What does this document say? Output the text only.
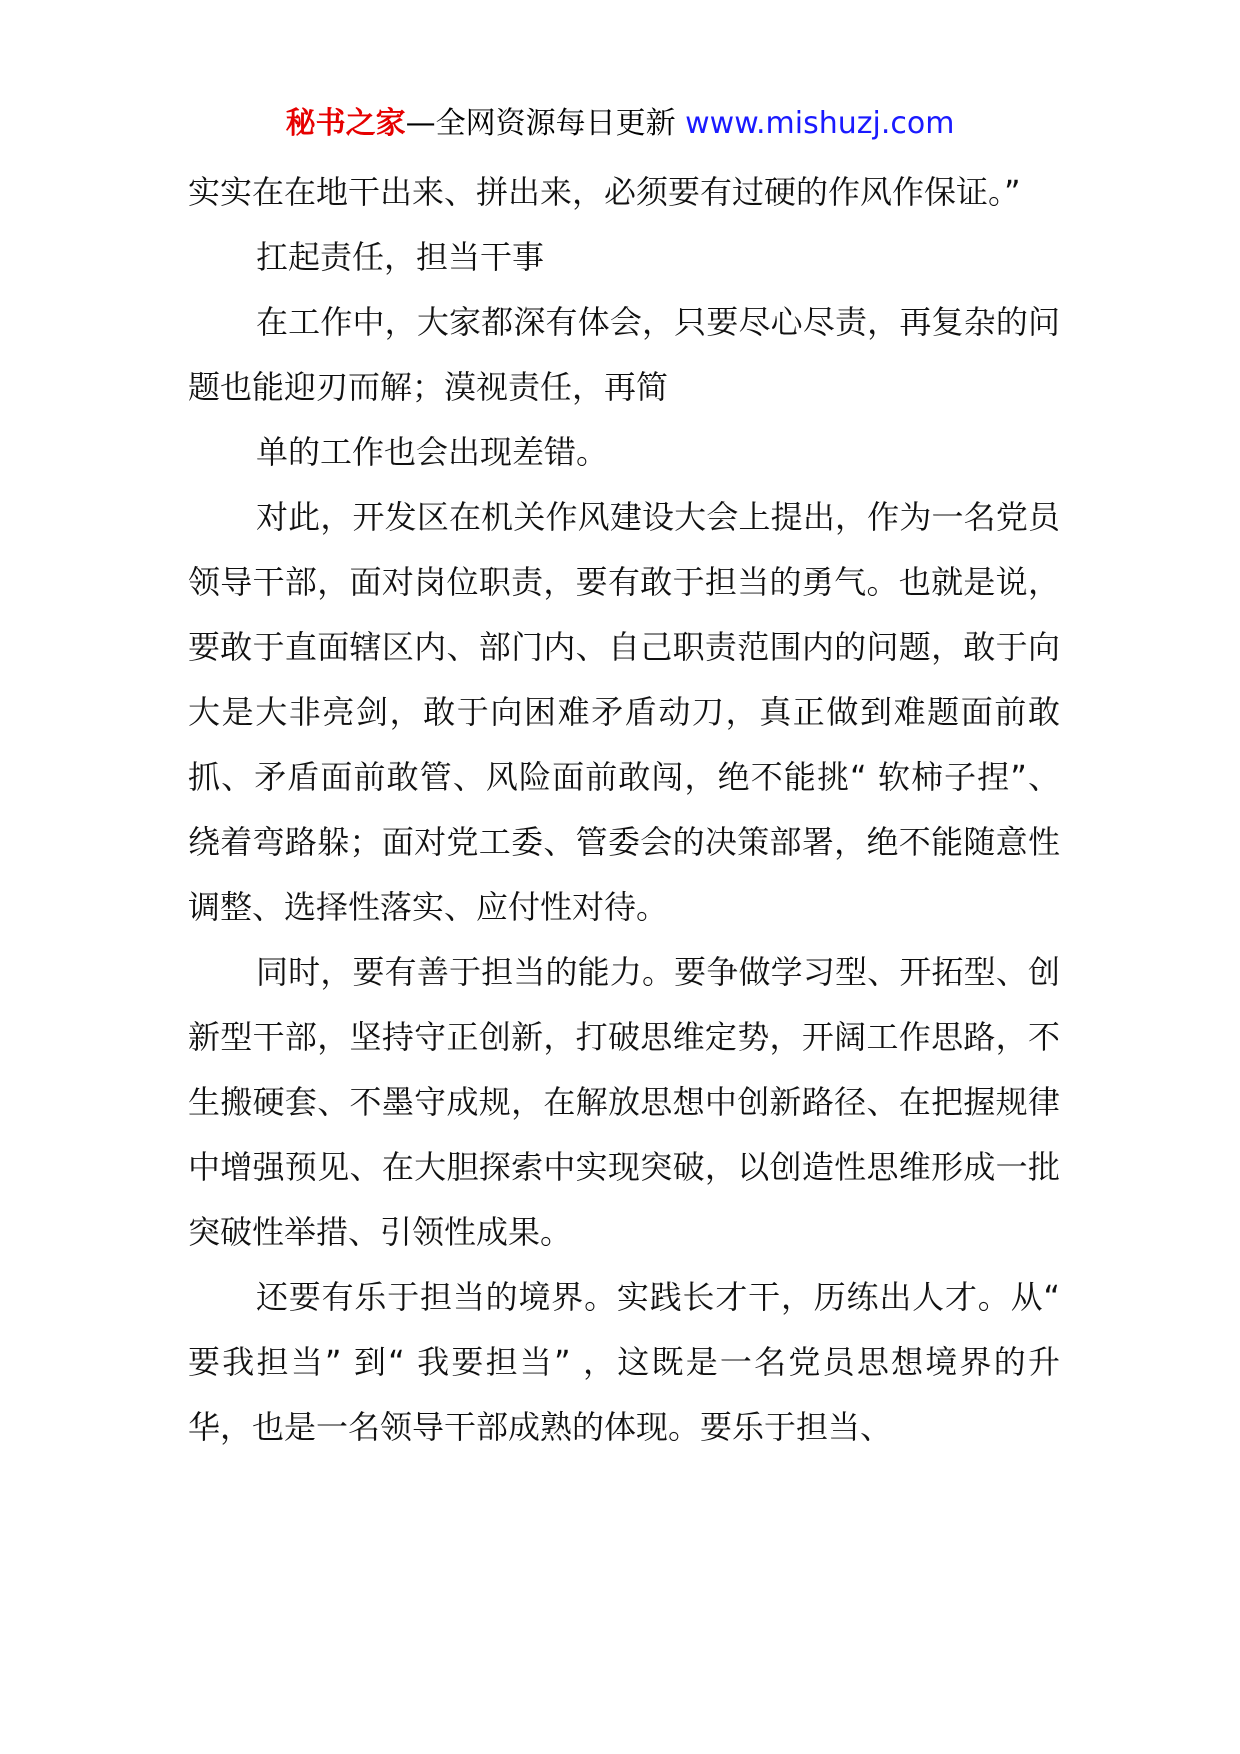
秘书之家—全网资源每日更新 www.mishuzj.com

实实在在地干出来、拼出来，必须要有过硬的作风作保证。”

扛起责任，担当干事

在工作中，大家都深有体会，只要尽心尽责，再复杂的问题也能迎刃而解；漠视责任，再简

单的工作也会出现差错。

对此，开发区在机关作风建设大会上提出，作为一名党员领导干部，面对岗位职责，要有敢于担当的勇气。也就是说，要敢于直面辖区内、部门内、自己职责范围内的问题，敢于向大是大非亮剑，敢于向困难矛盾动刀，真正做到难题面前敢抓、矛盾面前敢管、风险面前敢闯，绝不能挑“ 软柿子捏”、绕着弯路躲；面对党工委、管委会的决策部署，绝不能随意性调整、选择性落实、应付性对待。

同时，要有善于担当的能力。要争做学习型、开拓型、创新型干部，坚持守正创新，打破思维定势，开阔工作思路，不生搬硬套、不墨守成规，在解放思想中创新路径、在把握规律中增强预见、在大胆探索中实现突破，以创造性思维形成一批突破性举措、引领性成果。

还要有乐于担当的境界。实践长才干，历练出人才。从“ 要我担当” 到“ 我要担当” ，这既是一名党员思想境界的升华，也是一名领导干部成熟的体现。要乐于担当、
